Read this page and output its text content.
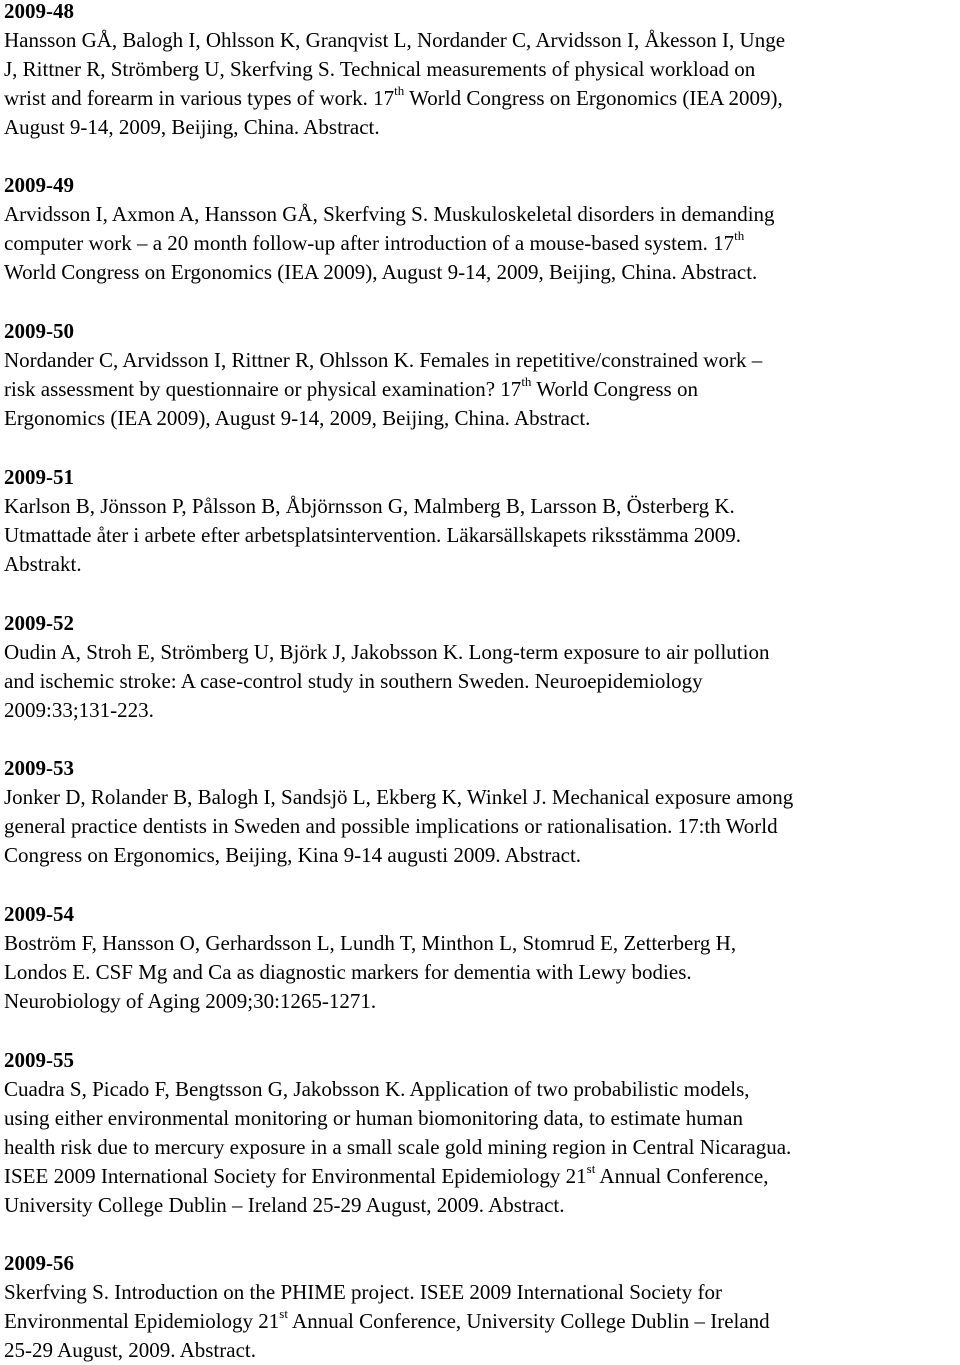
2009-48
Hansson GÅ, Balogh I, Ohlsson K, Granqvist L, Nordander C, Arvidsson I, Åkesson I, Unge
J, Rittner R, Strömberg U, Skerfving S. Technical measurements of physical workload on
wrist and forearm in various types of work. 17th World Congress on Ergonomics (IEA 2009),
August 9-14, 2009, Beijing, China. Abstract.
2009-49
Arvidsson I, Axmon A, Hansson GÅ, Skerfving S. Muskuloskeletal disorders in demanding
computer work – a 20 month follow-up after introduction of a mouse-based system. 17th
World Congress on Ergonomics (IEA 2009), August 9-14, 2009, Beijing, China. Abstract.
2009-50
Nordander C, Arvidsson I, Rittner R, Ohlsson K. Females in repetitive/constrained work –
risk assessment by questionnaire or physical examination? 17th World Congress on
Ergonomics (IEA 2009), August 9-14, 2009, Beijing, China. Abstract.
2009-51
Karlson B, Jönsson P, Pålsson B, Åbjörnsson G, Malmberg B, Larsson B, Österberg K.
Utmattade åter i arbete efter arbetsplatsintervention. Läkarsällskapets riksstämma 2009.
Abstrakt.
2009-52
Oudin A, Stroh E, Strömberg U, Björk J, Jakobsson K. Long-term exposure to air pollution
and ischemic stroke: A case-control study in southern Sweden. Neuroepidemiology
2009:33;131-223.
2009-53
Jonker D, Rolander B, Balogh I, Sandsjö L, Ekberg K, Winkel J. Mechanical exposure among
general practice dentists in Sweden and possible implications or rationalisation. 17:th World
Congress on Ergonomics, Beijing, Kina 9-14 augusti 2009. Abstract.
2009-54
Boström F, Hansson O, Gerhardsson L, Lundh T, Minthon L, Stomrud E, Zetterberg H,
Londos E. CSF Mg and Ca as diagnostic markers for dementia with Lewy bodies.
Neurobiology of Aging 2009;30:1265-1271.
2009-55
Cuadra S, Picado F, Bengtsson G, Jakobsson K. Application of two probabilistic models,
using either environmental monitoring or human biomonitoring data, to estimate human
health risk due to mercury exposure in a small scale gold mining region in Central Nicaragua.
ISEE 2009 International Society for Environmental Epidemiology 21st Annual Conference,
University College Dublin – Ireland 25-29 August, 2009. Abstract.
2009-56
Skerfving S. Introduction on the PHIME project. ISEE 2009 International Society for
Environmental Epidemiology 21st Annual Conference, University College Dublin – Ireland
25-29 August, 2009. Abstract.
